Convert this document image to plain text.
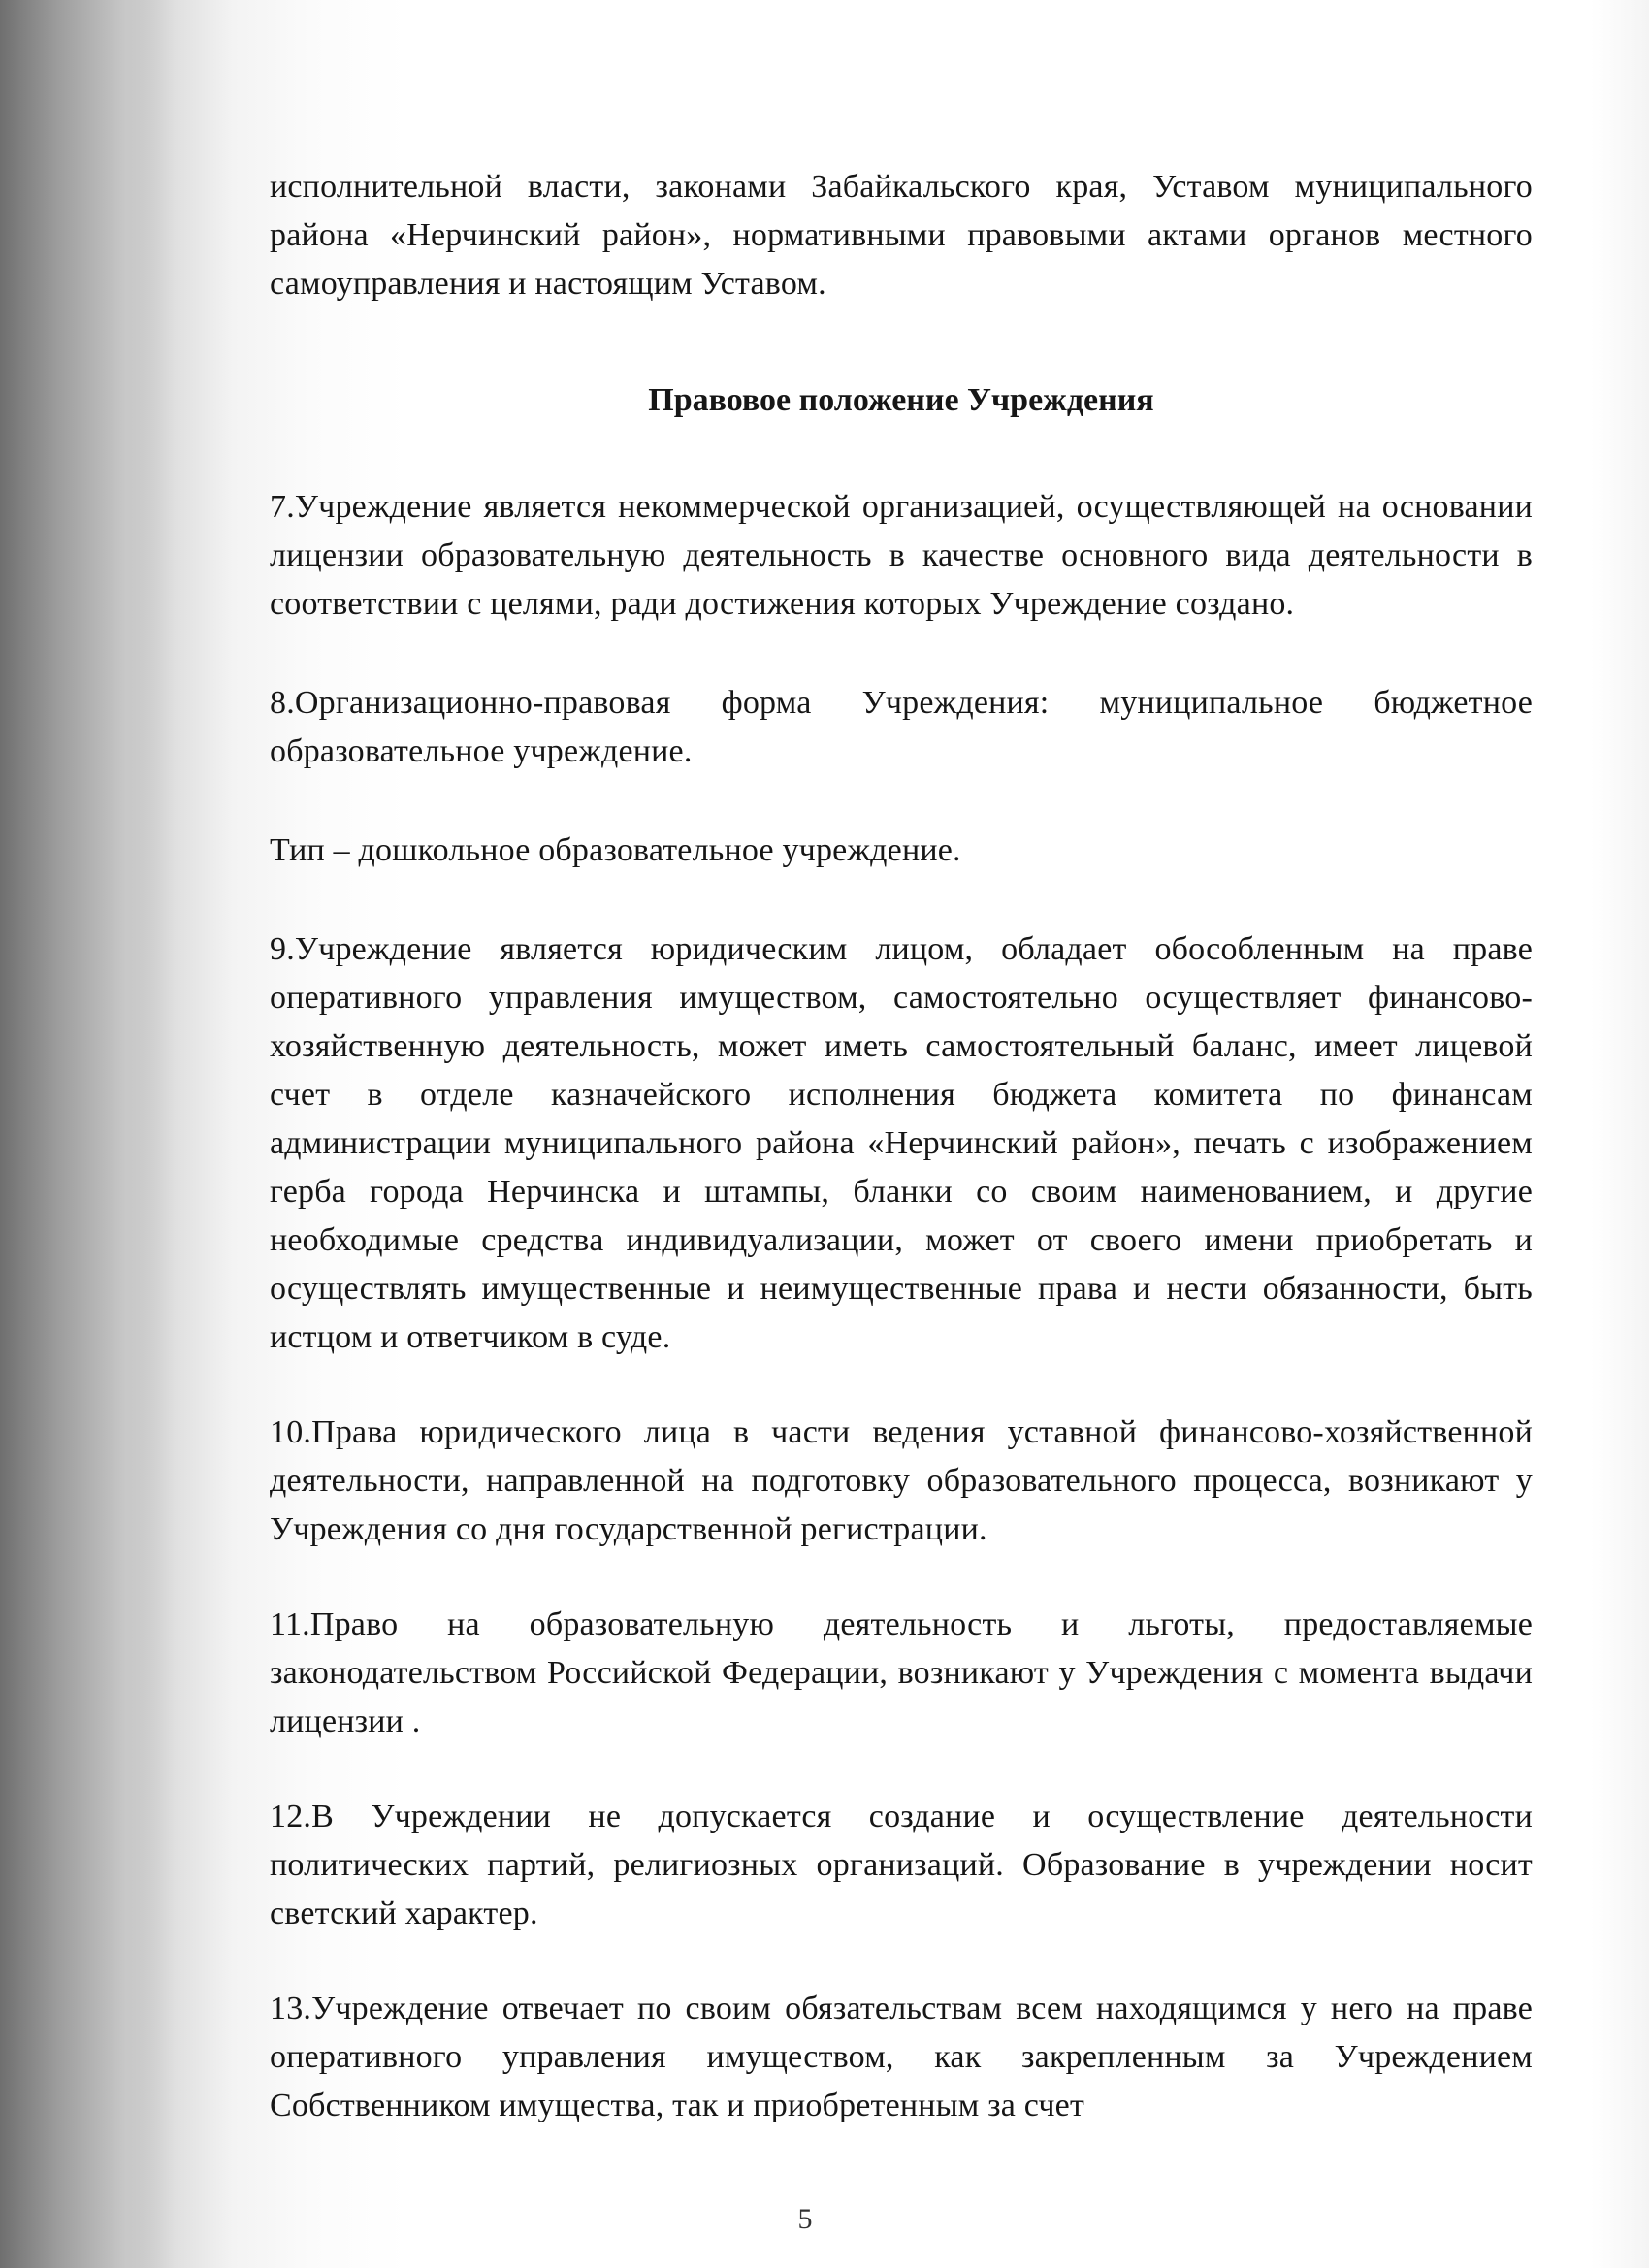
исполнительной власти, законами Забайкальского края, Уставом муниципального района «Нерчинский район», нормативными правовыми актами органов местного самоуправления и настоящим Уставом.

Правовое положение Учреждения

7.Учреждение является некоммерческой организацией, осуществляющей на основании лицензии образовательную деятельность в качестве основного вида деятельности в соответствии с целями, ради достижения которых Учреждение создано.

8.Организационно-правовая форма Учреждения: муниципальное бюджетное образовательное учреждение.

Тип – дошкольное образовательное учреждение.

9.Учреждение является юридическим лицом, обладает обособленным на праве оперативного управления имуществом, самостоятельно осуществляет финансово-хозяйственную деятельность, может иметь самостоятельный баланс, имеет лицевой счет в отделе казначейского исполнения бюджета комитета по финансам администрации муниципального района «Нерчинский район», печать с изображением герба города Нерчинска и штампы, бланки со своим наименованием, и другие необходимые средства индивидуализации, может от своего имени приобретать и осуществлять имущественные и неимущественные права и нести обязанности, быть истцом и ответчиком в суде.

10.Права юридического лица в части ведения уставной финансово-хозяйственной деятельности, направленной на подготовку образовательного процесса, возникают у Учреждения со дня государственной регистрации.

11.Право на образовательную деятельность и льготы, предоставляемые законодательством Российской Федерации, возникают у Учреждения с момента выдачи лицензии .

12.В Учреждении не допускается создание и осуществление деятельности политических партий, религиозных организаций. Образование в учреждении носит светский характер.

13.Учреждение отвечает по своим обязательствам всем находящимся у него на праве оперативного управления имуществом, как закрепленным за Учреждением Собственником имущества, так и приобретенным за счет

5
